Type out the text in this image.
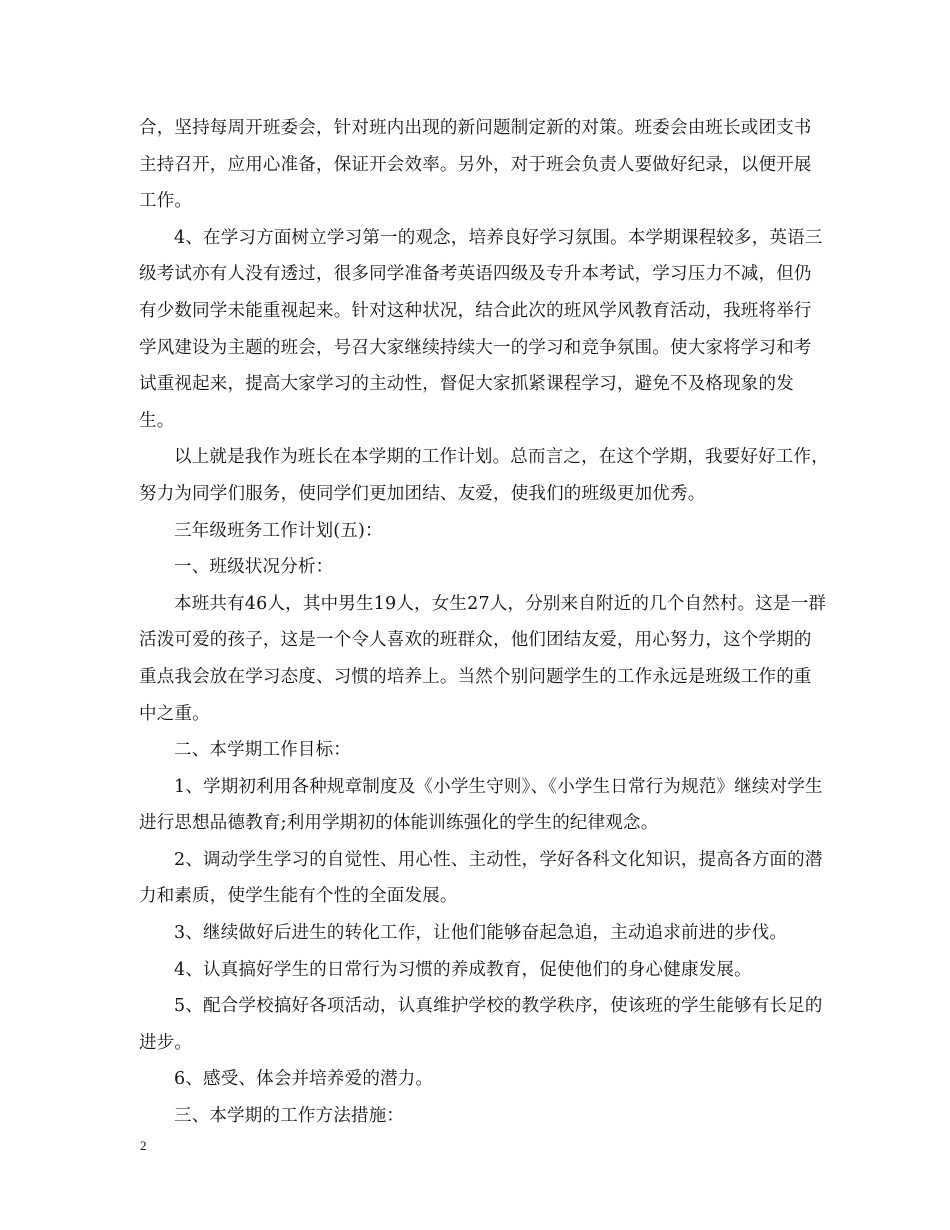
合，坚持每周开班委会，针对班内出现的新问题制定新的对策。班委会由班长或团支书主持召开，应用心准备，保证开会效率。另外，对于班会负责人要做好纪录，以便开展工作。

4、在学习方面树立学习第一的观念，培养良好学习氛围。本学期课程较多，英语三级考试亦有人没有透过，很多同学准备考英语四级及专升本考试，学习压力不减，但仍有少数同学未能重视起来。针对这种状况，结合此次的班风学风教育活动，我班将举行学风建设为主题的班会，号召大家继续持续大一的学习和竞争氛围。使大家将学习和考试重视起来，提高大家学习的主动性，督促大家抓紧课程学习，避免不及格现象的发生。

以上就是我作为班长在本学期的工作计划。总而言之，在这个学期，我要好好工作，努力为同学们服务，使同学们更加团结、友爱，使我们的班级更加优秀。

三年级班务工作计划(五)：

一、班级状况分析：

本班共有46人，其中男生19人，女生27人，分别来自附近的几个自然村。这是一群活泼可爱的孩子，这是一个令人喜欢的班群众，他们团结友爱，用心努力，这个学期的重点我会放在学习态度、习惯的培养上。当然个别问题学生的工作永远是班级工作的重中之重。

二、本学期工作目标：

1、学期初利用各种规章制度及《小学生守则》、《小学生日常行为规范》继续对学生进行思想品德教育;利用学期初的体能训练强化的学生的纪律观念。

2、调动学生学习的自觉性、用心性、主动性，学好各科文化知识，提高各方面的潜力和素质，使学生能有个性的全面发展。

3、继续做好后进生的转化工作，让他们能够奋起急追，主动追求前进的步伐。

4、认真搞好学生的日常行为习惯的养成教育，促使他们的身心健康发展。

5、配合学校搞好各项活动，认真维护学校的教学秩序，使该班的学生能够有长足的进步。

6、感受、体会并培养爱的潜力。

三、本学期的工作方法措施：

2
